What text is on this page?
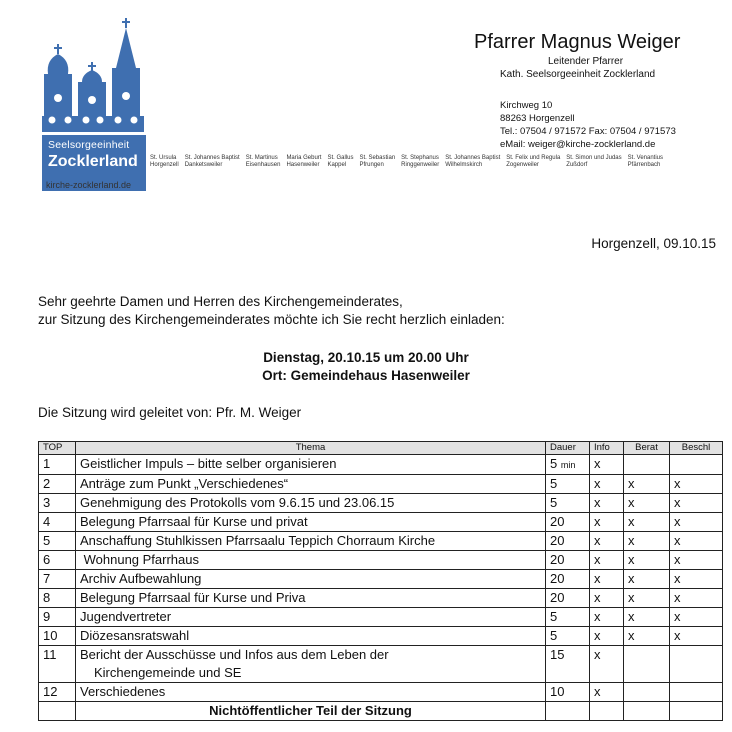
Seelsorgeeinheit
Zocklerland
kirche-zocklerland.de
St. Ursula
Horgenzell
St. Johannes Baptist
Danketsweiler
St. Martinus
Eisenhausen
Maria Geburt
Hasenweiler
St. Gallus
Kappel
St. Sebastian
Pfrungen
St. Stephanus
Ringgenweiler
St. Johannes Baptist
Wilhelmskirch
St. Felix und Regula
Zogenweiler
St. Simon und Judas
Zußdorf
St. Venantius
Pfärrenbach
Pfarrer Magnus Weiger
Leitender Pfarrer
Kath. Seelsorgeeinheit Zocklerland
Kirchweg 10
88263 Horgenzell
Tel.: 07504 / 971572 Fax: 07504 / 971573
eMail: weiger@kirche-zocklerland.de
Horgenzell, 09.10.15
Sehr geehrte Damen und Herren des Kirchengemeinderates,
zur Sitzung des Kirchengemeinderates möchte ich Sie recht herzlich einladen:
Dienstag, 20.10.15 um 20.00 Uhr
Ort: Gemeindehaus Hasenweiler
Die Sitzung wird geleitet von: Pfr. M. Weiger
TOP	Thema	Dauer	Info	Berat	Beschl
1	Geistlicher Impuls – bitte selber organisieren	5 min	x		
2	Anträge zum Punkt „Verschiedenes“	5	x	x	x
3	Genehmigung des Protokolls vom 9.6.15 und 23.06.15	5	x	x	x
4	Belegung Pfarrsaal für Kurse und privat	20	x	x	x
5	Anschaffung Stuhlkissen Pfarrsaalu Teppich Chorraum Kirche	20	x	x	x
6	Wohnung Pfarrhaus	20	x	x	x
7	Archiv Aufbewahlung	20	x	x	x
8	Belegung Pfarrsaal für Kurse und Priva	20	x	x	x
9	Jugendvertreter	5	x	x	x
10	Diözesansratswahl	5	x	x	x
11	Bericht der Ausschüsse und Infos aus dem Leben der
Kirchengemeinde und SE	15	x		
12	Verschiedenes	10	x		
	Nichtöffentlicher Teil der Sitzung				
